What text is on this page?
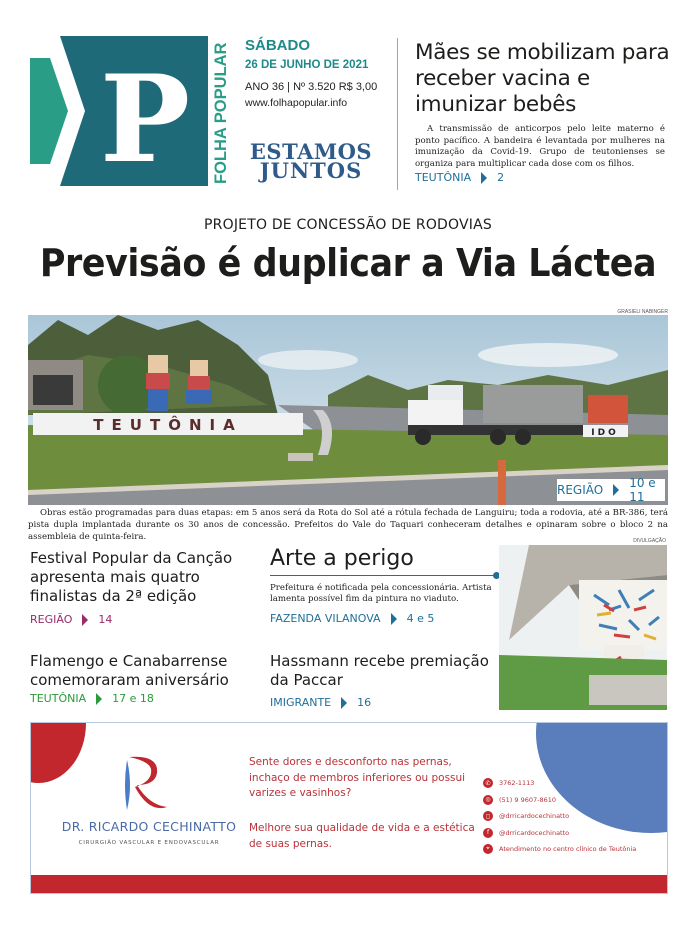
P FOLHA POPULAR SÁBADO
26 DE JUNHO DE 2021
ANO 36 | Nº 3.520 R$ 3,00
www.folhapopular.info
ESTAMOS
JUNTOS
Mães se mobilizam para receber vacina e imunizar bebês
A transmissão de anticorpos pelo leite materno é ponto pacífico. A bandeira é levantada por mulheres na imunização da Covid-19. Grupo de teutonienses se organiza para multiplicar cada dose com os filhos.
TEUTÔNIA 2
PROJETO DE CONCESSÃO DE RODOVIAS
Previsão é duplicar a Via Láctea
GRASIELI NABINGER
TEUTÔNIA	IDO
REGIÃO 10 e 11
Obras estão programadas para duas etapas: em 5 anos será da Rota do Sol até a rótula fechada de Languiru; toda a rodovia, até a BR-386, terá pista dupla implantada durante os 30 anos de concessão. Prefeitos do Vale do Taquari conheceram detalhes e opinaram sobre o bloco 2 na assembleia de quinta-feira.
Festival Popular da Canção apresenta mais quatro finalistas da 2ª edição
REGIÃO 14
Flamengo e Canabarrense comemoraram aniversário
TEUTÔNIA 17 e 18
Arte a perigo
Prefeitura é notificada pela concessionária. Artista lamenta possível fim da pintura no viaduto.
FAZENDA VILANOVA 4 e 5
Hassmann recebe premiação da Paccar
IMIGRANTE 16
DIVULGAÇÃO
DR. RICARDO CECHINATTO
CIRURGIÃO VASCULAR E ENDOVASCULAR
Sente dores e desconforto nas pernas, inchaço de membros inferiores ou possui varizes e vasinhos?
Melhore sua qualidade de vida e a estética de suas pernas.
✆	3762-1113
◎	(51) 9 9607-8610
◻	@drricardocechinatto
f	@drricardocechinatto
⌖	Atendimento no centro clínico de Teutônia
